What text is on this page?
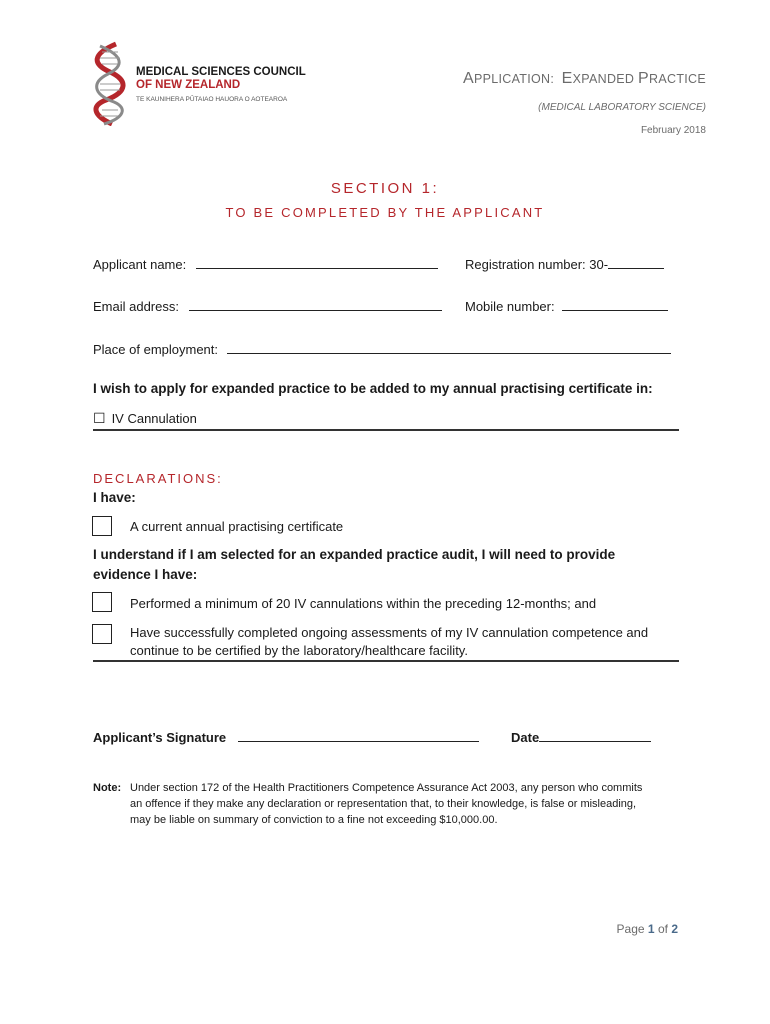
MEDICAL SCIENCES COUNCIL
OF NEW ZEALAND
TE KAUNIHERA PŪTAIAO HAUORA O AOTEAROA
APPLICATION: EXPANDED PRACTICE
(MEDICAL LABORATORY SCIENCE)
February 2018
SECTION 1:
TO BE COMPLETED BY THE APPLICANT
Applicant name:	Registration number: 30-
Email address:	Mobile number:
Place of employment:
I wish to apply for expanded practice to be added to my annual practising certificate in:
☐ IV Cannulation
DECLARATIONS:
I have:
A current annual practising certificate
I understand if I am selected for an expanded practice audit, I will need to provide
evidence I have:
Performed a minimum of 20 IV cannulations within the preceding 12-months; and
Have successfully completed ongoing assessments of my IV cannulation competence and
continue to be certified by the laboratory/healthcare facility.
Applicant’s Signature	Date
Note: Under section 172 of the Health Practitioners Competence Assurance Act 2003, any person who commits
an offence if they make any declaration or representation that, to their knowledge, is false or misleading,
may be liable on summary of conviction to a fine not exceeding $10,000.00.
Page 1 of 2
